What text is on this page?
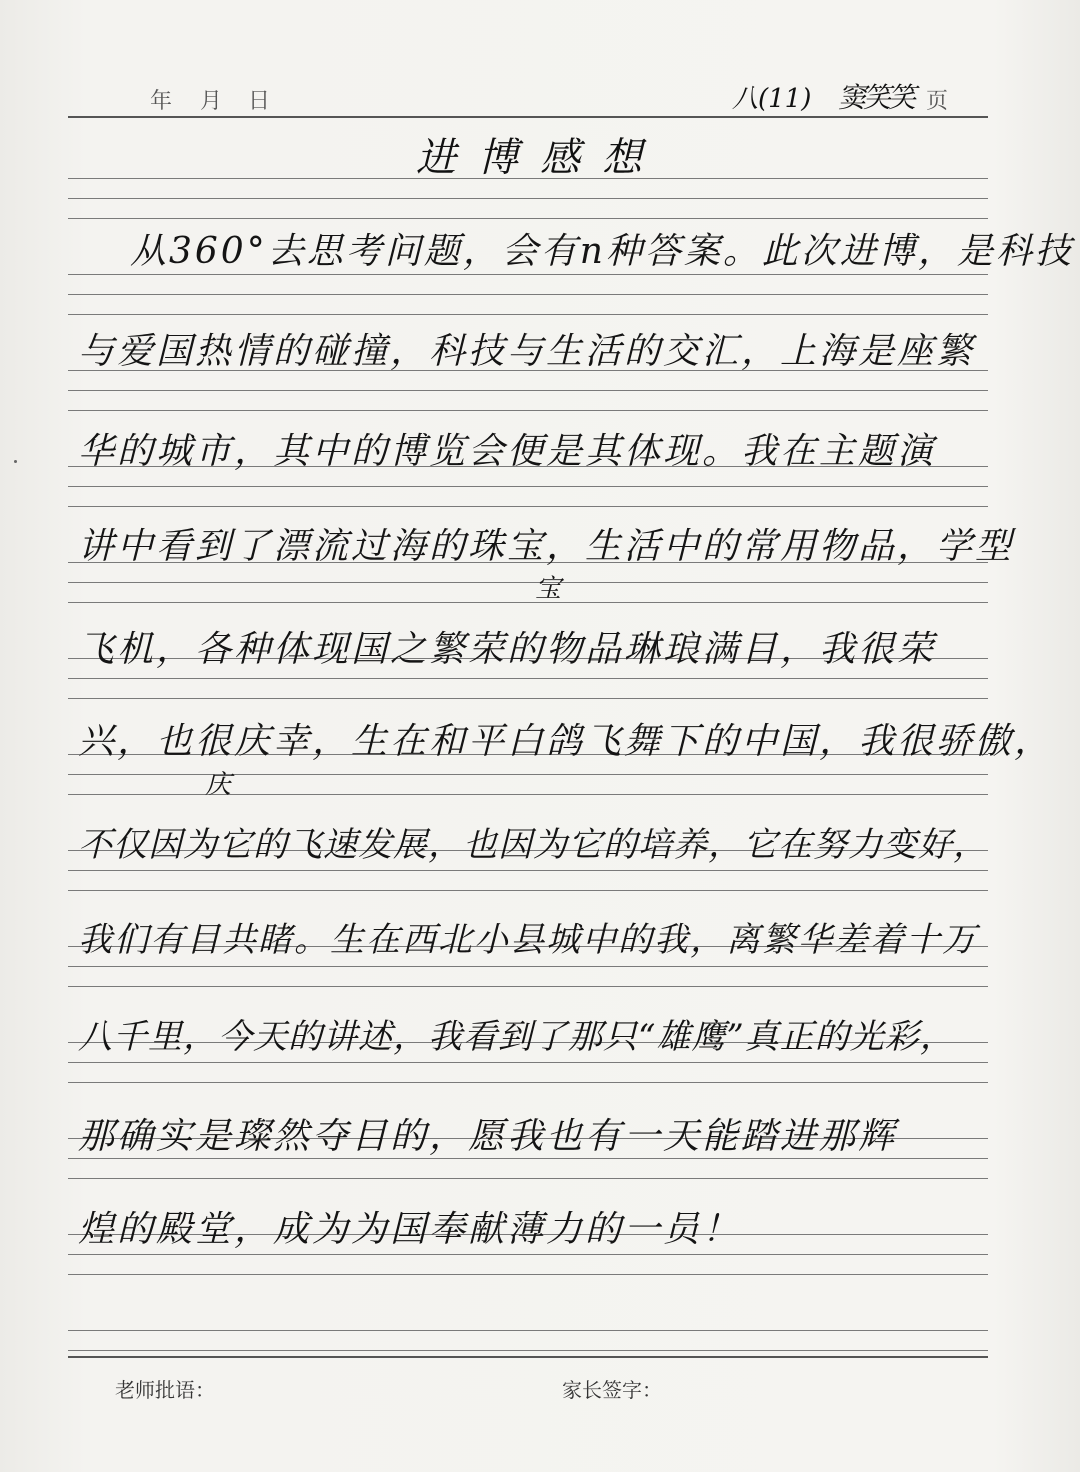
年 月 日	八(11) 窦笑笑 页
进博感想
从360°去思考问题，会有n种答案。此次进博，是科技
与爱国热情的碰撞，科技与生活的交汇，上海是座繁
华的城市，其中的博览会便是其体现。我在主题演
讲中看到了漂流过海的珠宝，生活中的常用物品，学型
宝
飞机，各种体现国之繁荣的物品琳琅满目，我很荣
兴，也很庆幸，生在和平白鸽飞舞下的中国，我很骄傲，
庆
不仅因为它的飞速发展，也因为它的培养，它在努力变好，
我们有目共睹。生在西北小县城中的我，离繁华差着十万
八千里，今天的讲述，我看到了那只“雄鹰”真正的光彩，
那确实是璨然夺目的，愿我也有一天能踏进那辉
煌的殿堂，成为为国奉献薄力的一员！
老师批语：	家长签字：
